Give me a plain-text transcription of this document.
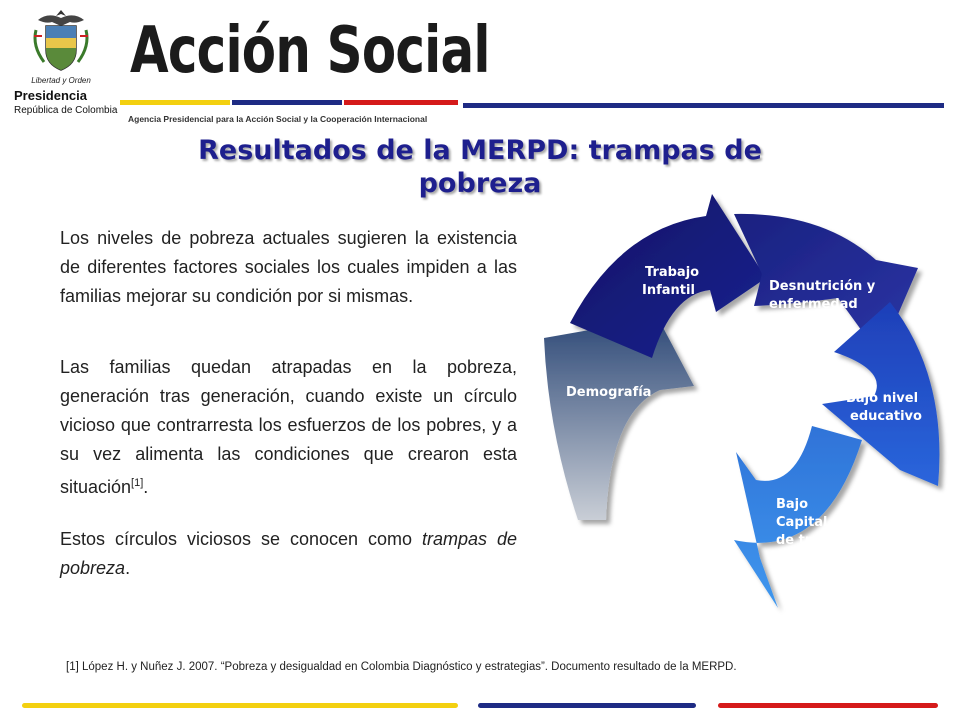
Libertad y Orden
Presidencia
República de Colombia
Acción Social
Agencia Presidencial para la Acción Social y la Cooperación Internacional
Resultados de la MERPD: trampas de pobreza
Los niveles de pobreza actuales sugieren la existencia de diferentes factores sociales los cuales impiden a las familias mejorar su condición por si mismas.
Las familias quedan atrapadas en la pobreza, generación tras generación, cuando existe un círculo vicioso que contrarresta los esfuerzos de los pobres, y a su vez alimenta las condiciones que crearon esta situación[1].
Estos círculos viciosos se conocen como trampas de pobreza.
Trabajo
Infantil	Desnutrición y
enfermedad
Bajo nivel
educativo
Bajo
Capital
de trabajo
Demografía
[1] López H. y Nuñez J. 2007. “Pobreza y desigualdad en Colombia Diagnóstico y estrategias”. Documento resultado de la MERPD.
